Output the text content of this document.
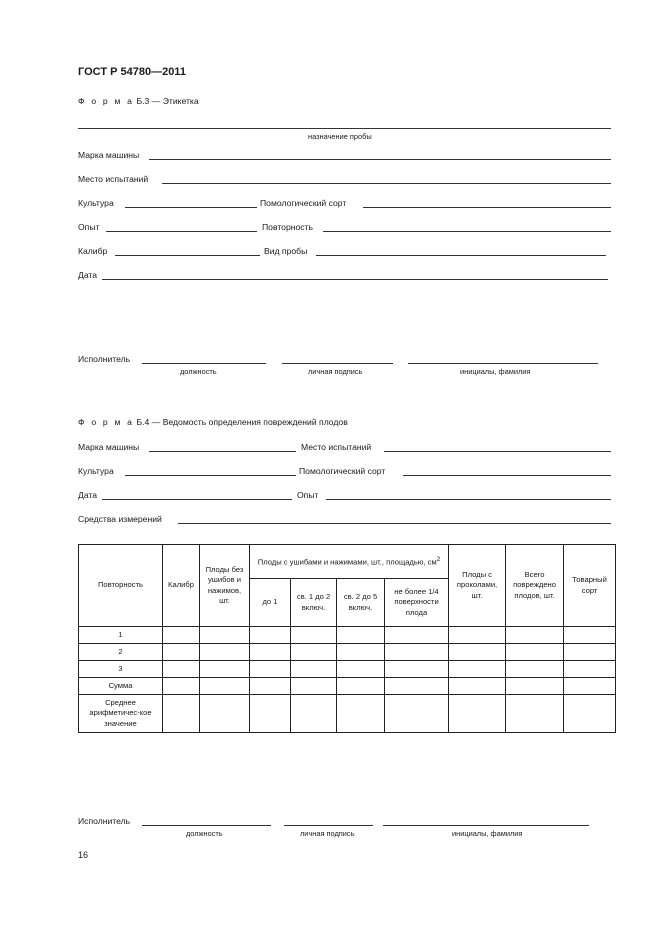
ГОСТ Р 54780—2011
Ф о р м а Б.3 — Этикетка
назначение пробы
Марка машины
Место испытаний
Культура	Помологический сорт
Опыт	Повторность
Калибр	Вид пробы
Дата
Исполнитель
должность	личная подпись	инициалы, фамилия
Ф о р м а Б.4 — Ведомость определения повреждений плодов
Марка машины	Место испытаний
Культура	Помологический сорт
Дата	Опыт
Средства измерений
Повторность	Калибр	Плоды без ушибов и нажимов, шт.	Плоды с ушибами и нажимами, шт., площадью, $см^2$				Плоды с проколами, шт.	Всего повреждено плодов, шт.	Товарный сорт
			до 1	св. 1 до 2 включ.	св. 2 до 5 включ.	не более 1/4 поверхности плода			
1									
2									
3									
Сумма									
Среднее арифметичес-кое значение									
Исполнитель
должность	личная подпись	инициалы, фамилия
16
